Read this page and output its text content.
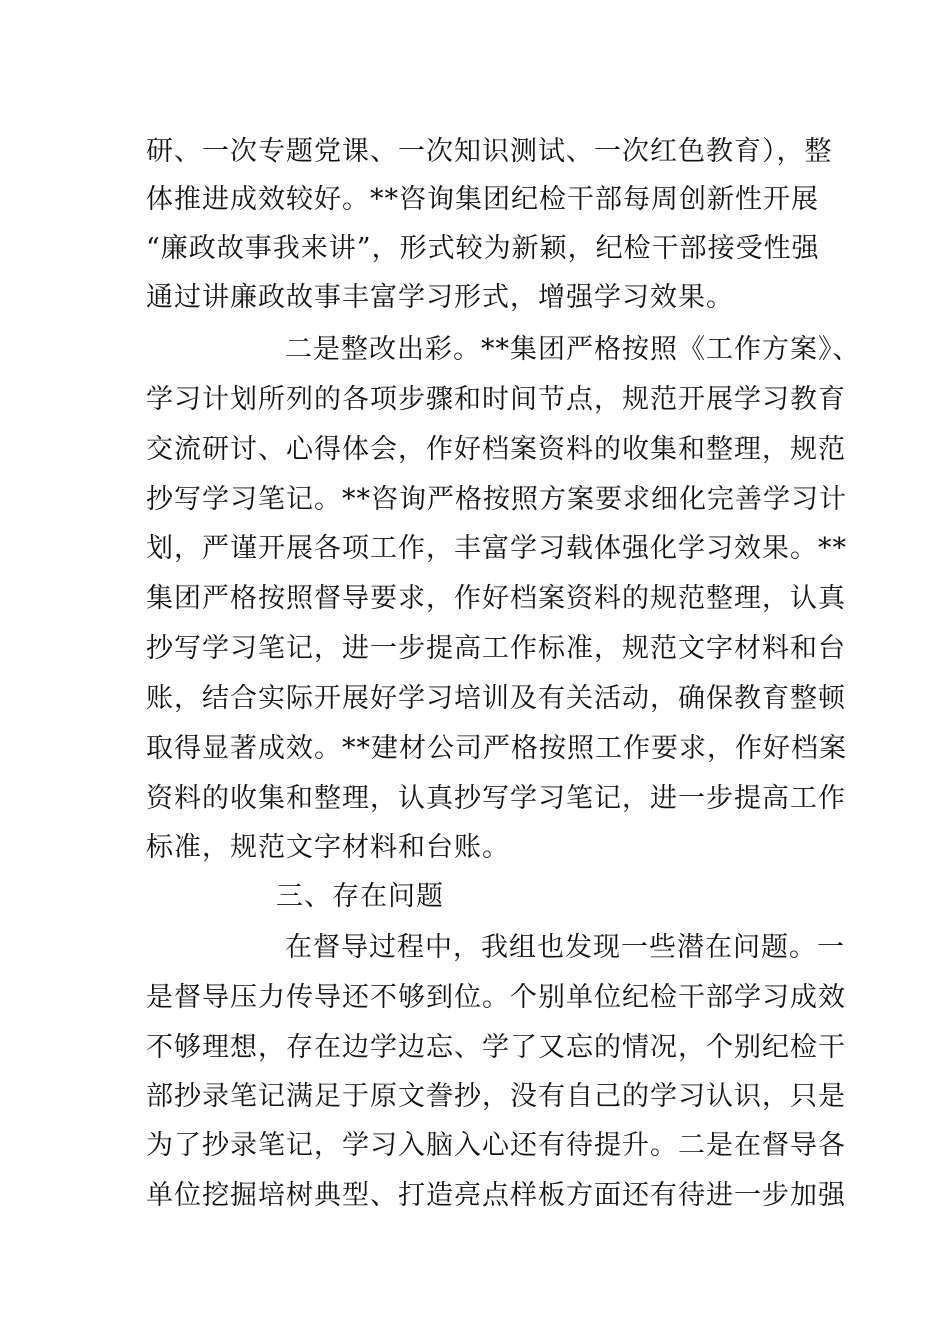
研、一次专题党课、一次知识测试、一次红色教育），整
体推进成效较好。**咨询集团纪检干部每周创新性开展
“廉政故事我来讲”，形式较为新颖，纪检干部接受性强
通过讲廉政故事丰富学习形式，增强学习效果。
二是整改出彩。**集团严格按照《工作方案》、
学习计划所列的各项步骤和时间节点，规范开展学习教育
交流研讨、心得体会，作好档案资料的收集和整理，规范
抄写学习笔记。**咨询严格按照方案要求细化完善学习计
划，严谨开展各项工作，丰富学习载体强化学习效果。**
集团严格按照督导要求，作好档案资料的规范整理，认真
抄写学习笔记，进一步提高工作标准，规范文字材料和台
账，结合实际开展好学习培训及有关活动，确保教育整顿
取得显著成效。**建材公司严格按照工作要求，作好档案
资料的收集和整理，认真抄写学习笔记，进一步提高工作
标准，规范文字材料和台账。
三、存在问题
在督导过程中，我组也发现一些潜在问题。一
是督导压力传导还不够到位。个别单位纪检干部学习成效
不够理想，存在边学边忘、学了又忘的情况，个别纪检干
部抄录笔记满足于原文誊抄，没有自己的学习认识，只是
为了抄录笔记，学习入脑入心还有待提升。二是在督导各
单位挖掘培树典型、打造亮点样板方面还有待进一步加强
